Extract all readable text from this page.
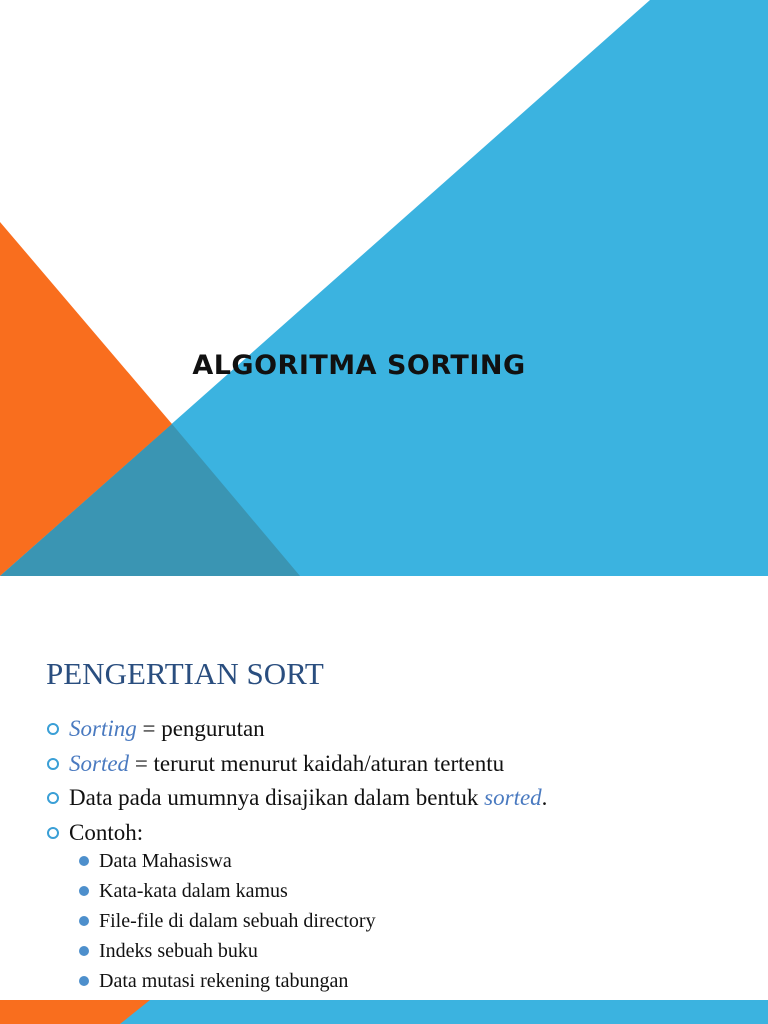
ALGORITMA SORTING
PENGERTIAN SORT
Sorting = pengurutan
Sorted = terurut menurut kaidah/aturan tertentu
Data pada umumnya disajikan dalam bentuk sorted.
Contoh:
Data Mahasiswa
Kata-kata dalam kamus
File-file di dalam sebuah directory
Indeks sebuah buku
Data mutasi rekening tabungan
